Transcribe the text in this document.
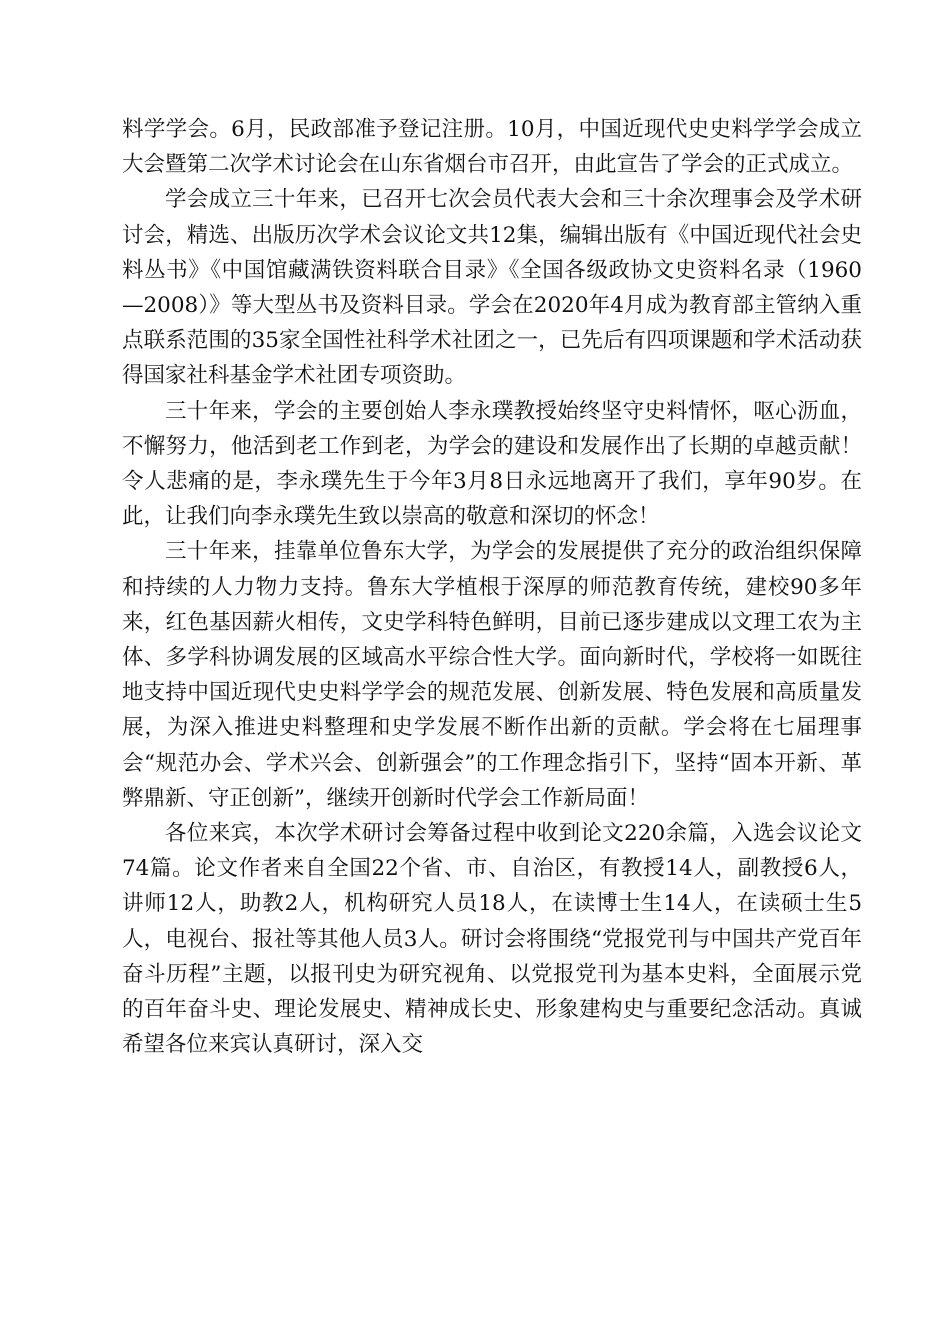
料学学会。6月，民政部准予登记注册。10月，中国近现代史史料学学会成立大会暨第二次学术讨论会在山东省烟台市召开，由此宣告了学会的正式成立。

学会成立三十年来，已召开七次会员代表大会和三十余次理事会及学术研讨会，精选、出版历次学术会议论文共12集，编辑出版有《中国近现代社会史料丛书》《中国馆藏满铁资料联合目录》《全国各级政协文史资料名录（1960—2008）》等大型丛书及资料目录。学会在2020年4月成为教育部主管纳入重点联系范围的35家全国性社科学术社团之一，已先后有四项课题和学术活动获得国家社科基金学术社团专项资助。

三十年来，学会的主要创始人李永璞教授始终坚守史料情怀，呕心沥血，不懈努力，他活到老工作到老，为学会的建设和发展作出了长期的卓越贡献！令人悲痛的是，李永璞先生于今年3月8日永远地离开了我们，享年90岁。在此，让我们向李永璞先生致以崇高的敬意和深切的怀念！

三十年来，挂靠单位鲁东大学，为学会的发展提供了充分的政治组织保障和持续的人力物力支持。鲁东大学植根于深厚的师范教育传统，建校90多年来，红色基因薪火相传，文史学科特色鲜明，目前已逐步建成以文理工农为主体、多学科协调发展的区域高水平综合性大学。面向新时代，学校将一如既往地支持中国近现代史史料学学会的规范发展、创新发展、特色发展和高质量发展，为深入推进史料整理和史学发展不断作出新的贡献。学会将在七届理事会“规范办会、学术兴会、创新强会”的工作理念指引下，坚持“固本开新、革弊鼎新、守正创新”，继续开创新时代学会工作新局面！

各位来宾，本次学术研讨会筹备过程中收到论文220余篇，入选会议论文74篇。论文作者来自全国22个省、市、自治区，有教授14人，副教授6人，讲师12人，助教2人，机构研究人员18人，在读博士生14人，在读硕士生5人，电视台、报社等其他人员3人。研讨会将围绕“党报党刊与中国共产党百年奋斗历程”主题，以报刊史为研究视角、以党报党刊为基本史料，全面展示党的百年奋斗史、理论发展史、精神成长史、形象建构史与重要纪念活动。真诚希望各位来宾认真研讨，深入交
